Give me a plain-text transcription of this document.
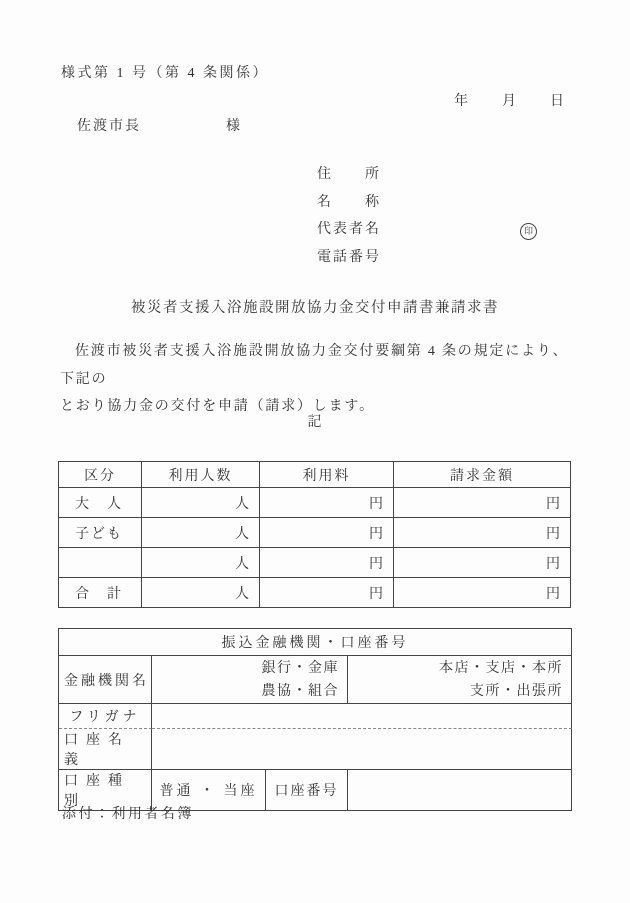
様式第 1 号（第 4 条関係）
年　　月　　日
佐渡市長	様
住　　所
名　　称
代表者名
電話番号
印
被災者支援入浴施設開放協力金交付申請書兼請求書
佐渡市被災者支援入浴施設開放協力金交付要綱第 4 条の規定により、下記の
とおり協力金の交付を申請（請求）します。
記
区分	利用人数	利用料	請求金額
大　人	人	円	円
子ども	人	円	円
	人	円	円
合　計	人	円	円
振込金融機関・口座番号			
金融機関名	
銀行・金庫
農協・組合

本店・支店・本所
支所・出張所

フリガナ			
口座名義			
口座種別	普通 ・ 当座	口座番号	
添付：利用者名簿
